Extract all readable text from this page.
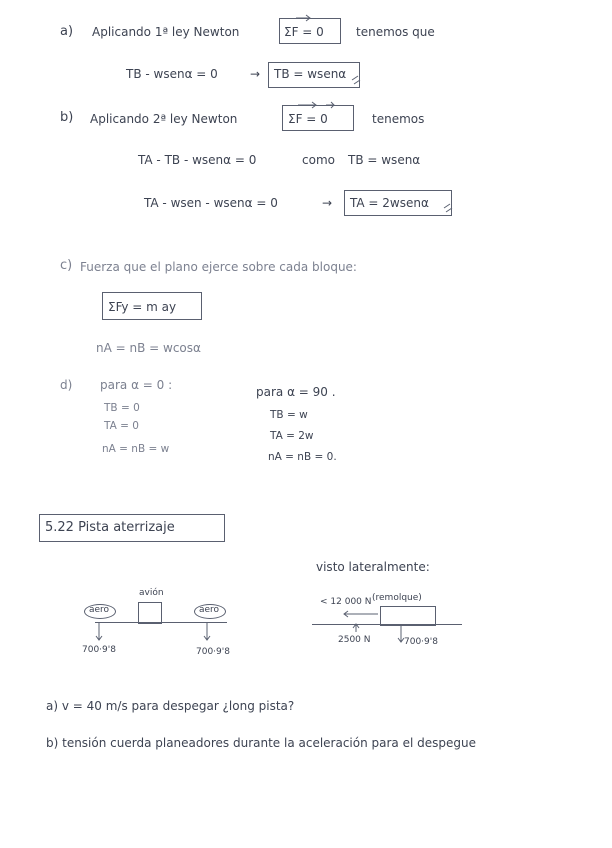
a) Aplicando 1ª ley Newton	ΣF = 0	tenemos que
TB - wsenα = 0	→ TB = wsenα
b) Aplicando 2ª ley Newton	ΣF = 0	tenemos
TA - TB - wsenα = 0	como TB = wsenα
TA - wsen - wsenα = 0	→ TA = 2wsenα
c) Fuerza que el plano ejerce sobre cada bloque:
ΣFy = m ay
nA = nB = wcosα
d) para α = 0 :
TB = 0
TA = 0
nA = nB = w
para α = 90 .
TB = w
TA = 2w
nA = nB = 0.
5.22 Pista aterrizaje
visto lateralmente:
avión
aero	aero
700·9'8	700·9'8
< 12 000 N (remolque)
2500 N	700·9'8
a) v = 40 m/s para despegar ¿long pista?
b) tensión cuerda planeadores durante la aceleración para el despegue
